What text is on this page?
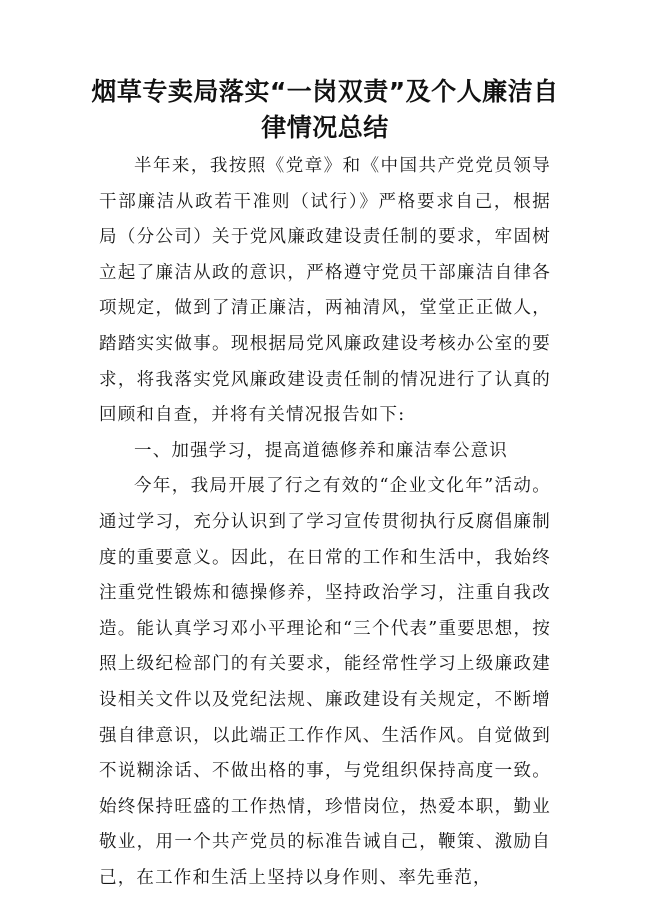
烟草专卖局落实“一岗双责”及个人廉洁自律情况总结

半年来，我按照《党章》和《中国共产党党员领导干部廉洁从政若干准则（试行）》严格要求自己，根据局（分公司）关于党风廉政建设责任制的要求，牢固树立起了廉洁从政的意识，严格遵守党员干部廉洁自律各项规定，做到了清正廉洁，两袖清风，堂堂正正做人，踏踏实实做事。现根据局党风廉政建设考核办公室的要求，将我落实党风廉政建设责任制的情况进行了认真的回顾和自查，并将有关情况报告如下:

一、加强学习，提高道德修养和廉洁奉公意识

今年，我局开展了行之有效的“企业文化年”活动。通过学习，充分认识到了学习宣传贯彻执行反腐倡廉制度的重要意义。因此，在日常的工作和生活中，我始终注重党性锻炼和德操修养，坚持政治学习，注重自我改造。能认真学习邓小平理论和“三个代表”重要思想，按照上级纪检部门的有关要求，能经常性学习上级廉政建设相关文件以及党纪法规、廉政建设有关规定，不断增强自律意识，以此端正工作作风、生活作风。自觉做到不说糊涂话、不做出格的事，与党组织保持高度一致。始终保持旺盛的工作热情，珍惜岗位，热爱本职，勤业敬业，用一个共产党员的标准告诫自己，鞭策、激励自己，在工作和生活上坚持以身作则、率先垂范，
